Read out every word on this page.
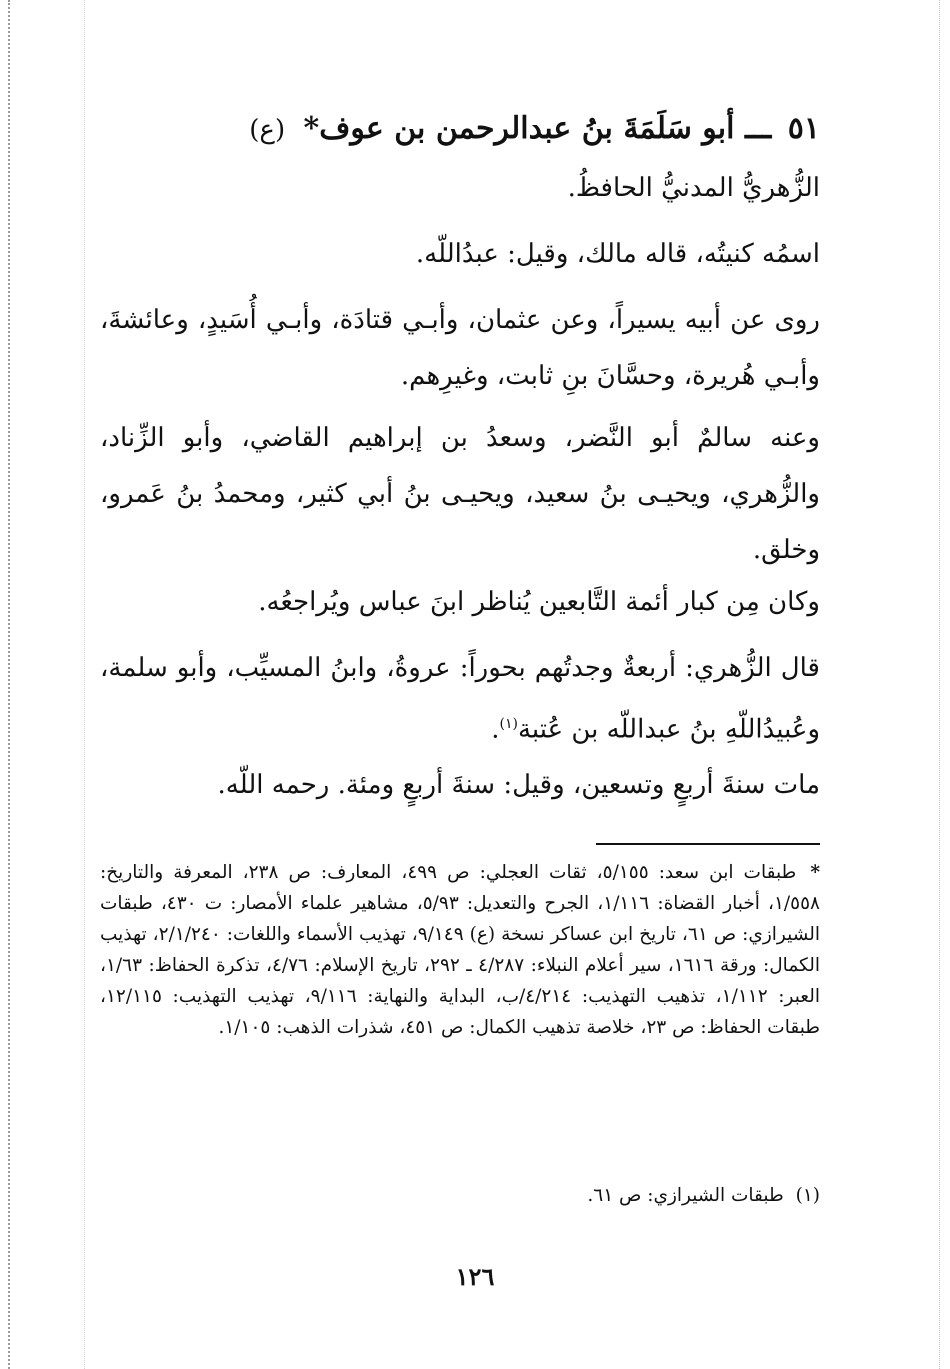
٥١ ـــ أبو سَلَمَةَ بنُ عبدالرحمن بن عوف* (ع)
الزُّهريُّ المدنيُّ الحافظُ.
اسمُه كنيتُه، قاله مالك، وقيل: عبدُاللّه.
روى عن أبيه يسيراً، وعن عثمان، وأبـي قتادَة، وأبـي أُسَيدٍ، وعائشةَ، وأبـي هُريرة، وحسَّانَ بنِ ثابت، وغيرِهم.
وعنه سالمٌ أبو النَّضر، وسعدُ بن إبراهيم القاضي، وأبو الزِّناد، والزُّهري، ويحيـى بنُ سعيد، ويحيـى بنُ أبي كثير، ومحمدُ بنُ عَمرو، وخلق.
وكان مِن كبار أئمة التَّابعين يُناظر ابنَ عباس ويُراجعُه.
قال الزُّهري: أربعةٌ وجدتُهم بحوراً: عروةُ، وابنُ المسيِّب، وأبو سلمة، وعُبيدُاللّهِ بنُ عبداللّه بن عُتبة$^{(١)}$.
مات سنةَ أربعٍ وتسعين، وقيل: سنةَ أربعٍ ومئة. رحمه اللّه.
* طبقات ابن سعد: ٥/١٥٥، ثقات العجلي: ص ٤٩٩، المعارف: ص ٢٣٨، المعرفة والتاريخ: ١/٥٥٨، أخبار القضاة: ١/١١٦، الجرح والتعديل: ٥/٩٣، مشاهير علماء الأمصار: ت ٤٣٠، طبقات الشيرازي: ص ٦١، تاريخ ابن عساكر نسخة (ع) ٩/١٤٩، تهذيب الأسماء واللغات: ٢/١/٢٤٠، تهذيب الكمال: ورقة ١٦١٦، سير أعلام النبلاء: ٤/٢٨٧ ـ ٢٩٢، تاريخ الإسلام: ٤/٧٦، تذكرة الحفاظ: ١/٦٣، العبر: ١/١١٢، تذهيب التهذيب: ٤/٢١٤/ب، البداية والنهاية: ٩/١١٦، تهذيب التهذيب: ١٢/١١٥، طبقات الحفاظ: ص ٢٣، خلاصة تذهيب الكمال: ص ٤٥١، شذرات الذهب: ١/١٠٥.
(١) طبقات الشيرازي: ص ٦١.
١٢٦
